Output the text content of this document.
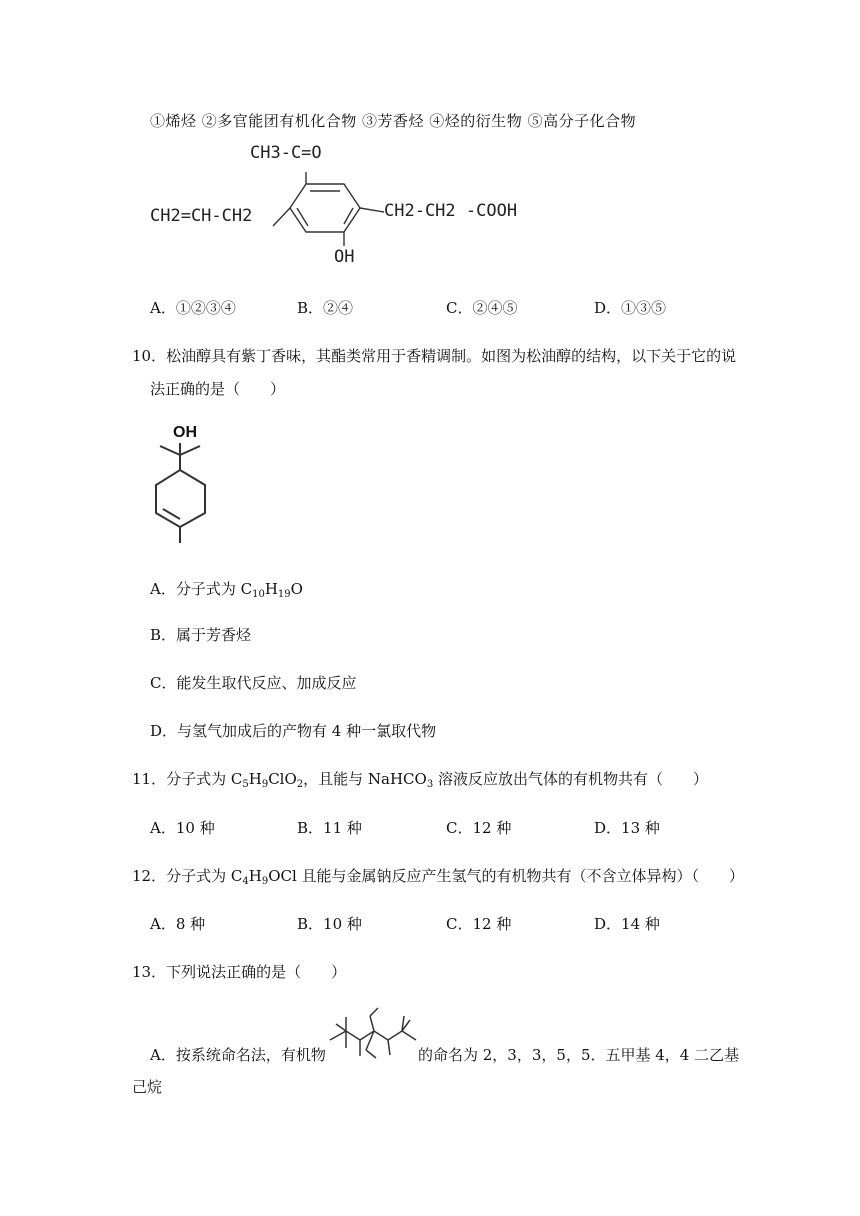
①烯烃 ②多官能团有机化合物 ③芳香烃 ④烃的衍生物 ⑤高分子化合物
CH3-C=O
CH2=CH-CH2	CH2-CH2 -COOH
OH
A．①②③④	B．②④	C．②④⑤	D．①③⑤
10．松油醇具有紫丁香味，其酯类常用于香精调制。如图为松油醇的结构，以下关于它的说
法正确的是（　　）
OH
A．分子式为 $C_{10}H_{19}O$
B．属于芳香烃
C．能发生取代反应、加成反应
D．与氢气加成后的产物有 4 种一氯取代物
11．分子式为 $C_5H_9ClO_2$，且能与 NaHCO$_3$ 溶液反应放出气体的有机物共有（　　）
A．10 种	B．11 种	C．12 种	D．13 种
12．分子式为 $C_4H_9OCl$ 且能与金属钠反应产生氢气的有机物共有（不含立体异构）（　　）
A．8 种	B．10 种	C．12 种	D．14 种
13．下列说法正确的是（　　）
A．按系统命名法，有机物	的命名为 2，3，3，5，5．五甲基 4，4 二乙基
己烷
